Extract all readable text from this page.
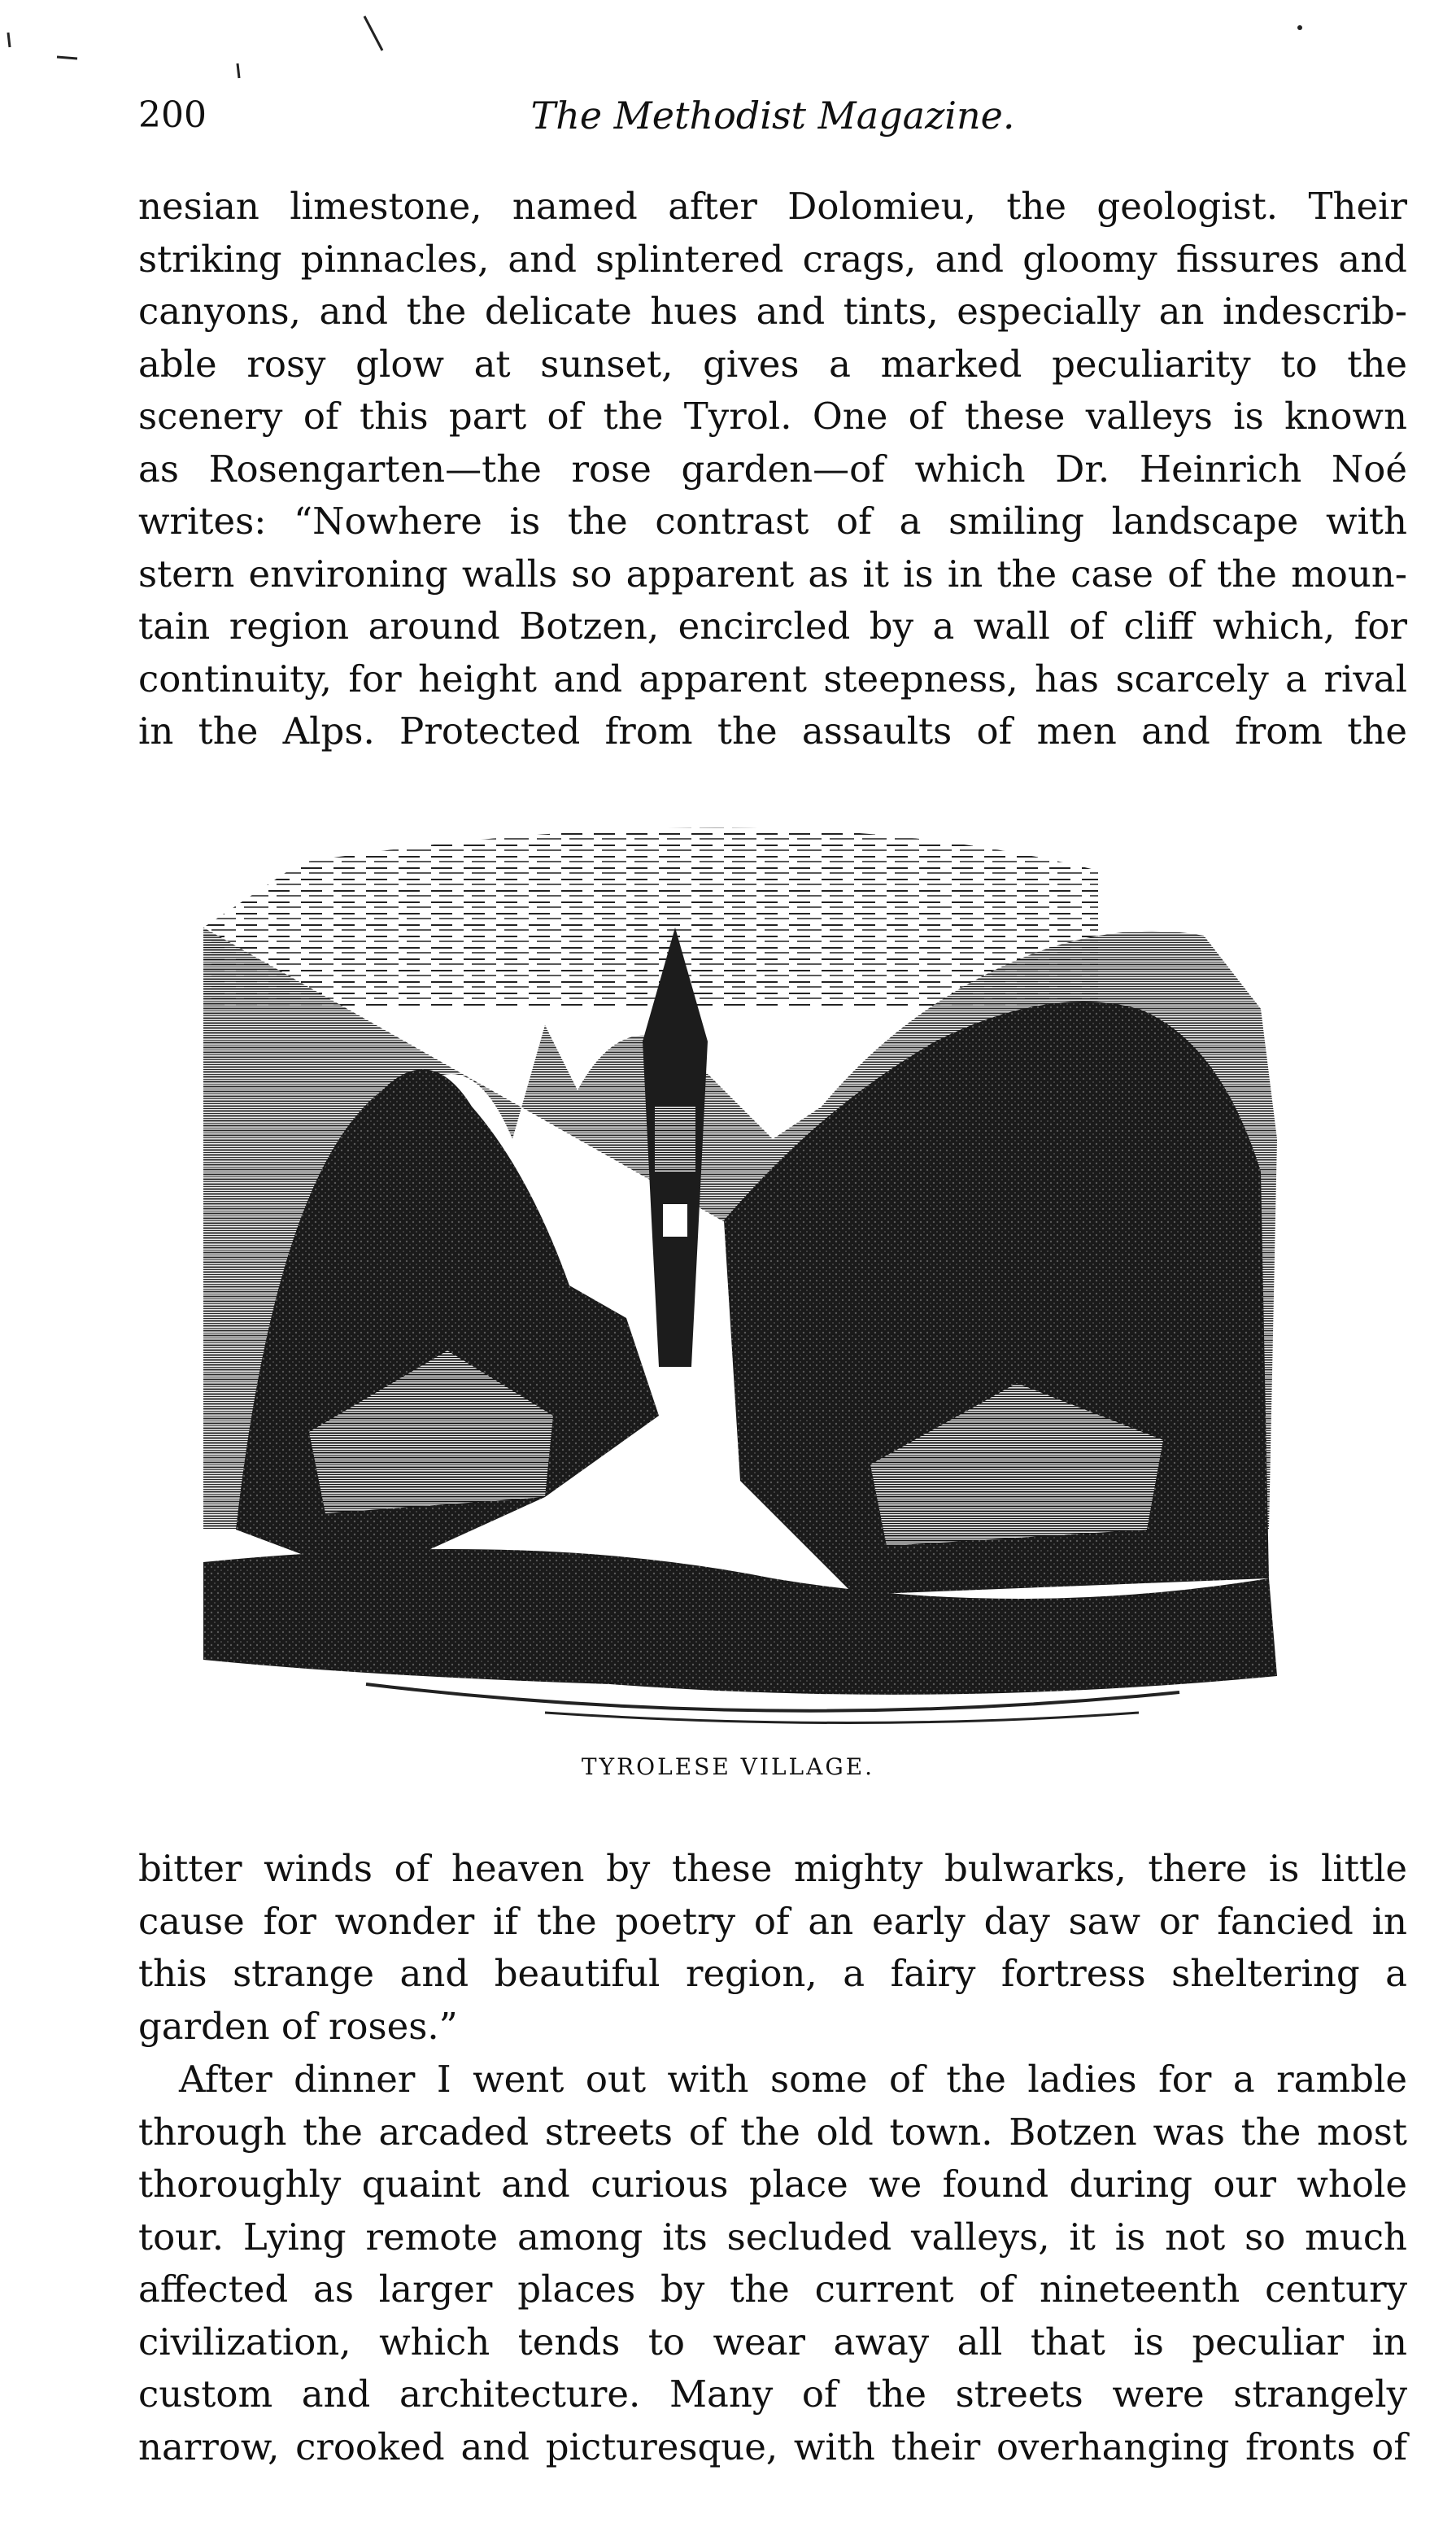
200	The Methodist Magazine.
nesian limestone, named after Dolomieu, the geologist. Their
striking pinnacles, and splintered crags, and gloomy fissures and
canyons, and the delicate hues and tints, especially an indescrib-
able rosy glow at sunset, gives a marked peculiarity to the
scenery of this part of the Tyrol. One of these valleys is known
as Rosengarten—the rose garden—of which Dr. Heinrich Noé
writes: “Nowhere is the contrast of a smiling landscape with
stern environing walls so apparent as it is in the case of the moun-
tain region around Botzen, encircled by a wall of cliff which, for
continuity, for height and apparent steepness, has scarcely a rival
in the Alps. Protected from the assaults of men and from the
TYROLESE VILLAGE.
bitter winds of heaven by these mighty bulwarks, there is little
cause for wonder if the poetry of an early day saw or fancied in
this strange and beautiful region, a fairy fortress sheltering a
garden of roses.”
After dinner I went out with some of the ladies for a ramble
through the arcaded streets of the old town. Botzen was the most
thoroughly quaint and curious place we found during our whole
tour. Lying remote among its secluded valleys, it is not so much
affected as larger places by the current of nineteenth century
civilization, which tends to wear away all that is peculiar in
custom and architecture. Many of the streets were strangely
narrow, crooked and picturesque, with their overhanging fronts of
